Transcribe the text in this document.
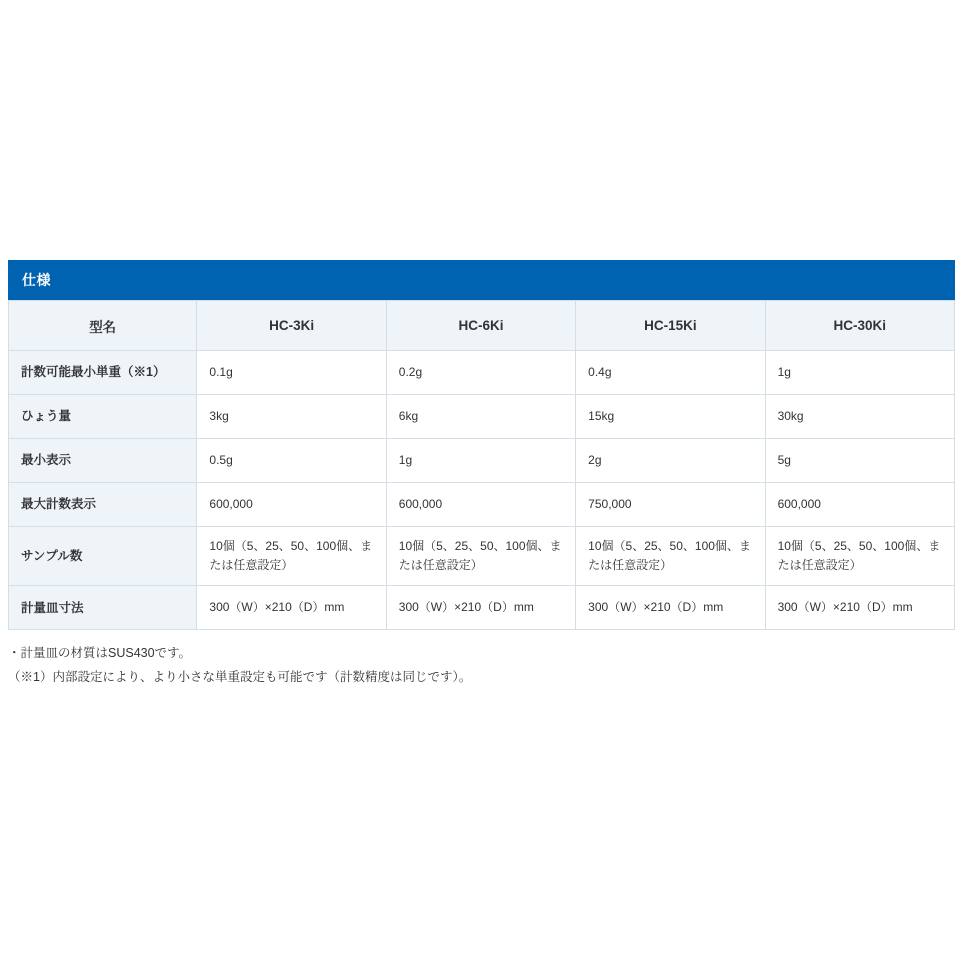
仕様
型名	HC-3Ki	HC-6Ki	HC-15Ki	HC-30Ki
計数可能最小単重（※1）	0.1g	0.2g	0.4g	1g
ひょう量	3kg	6kg	15kg	30kg
最小表示	0.5g	1g	2g	5g
最大計数表示	600,000	600,000	750,000	600,000
サンプル数	10個（5、25、50、100個、または任意設定）	10個（5、25、50、100個、または任意設定）	10個（5、25、50、100個、または任意設定）	10個（5、25、50、100個、または任意設定）
計量皿寸法	300（W）×210（D）mm	300（W）×210（D）mm	300（W）×210（D）mm	300（W）×210（D）mm
・計量皿の材質はSUS430です。
（※1）内部設定により、より小さな単重設定も可能です（計数精度は同じです）。
